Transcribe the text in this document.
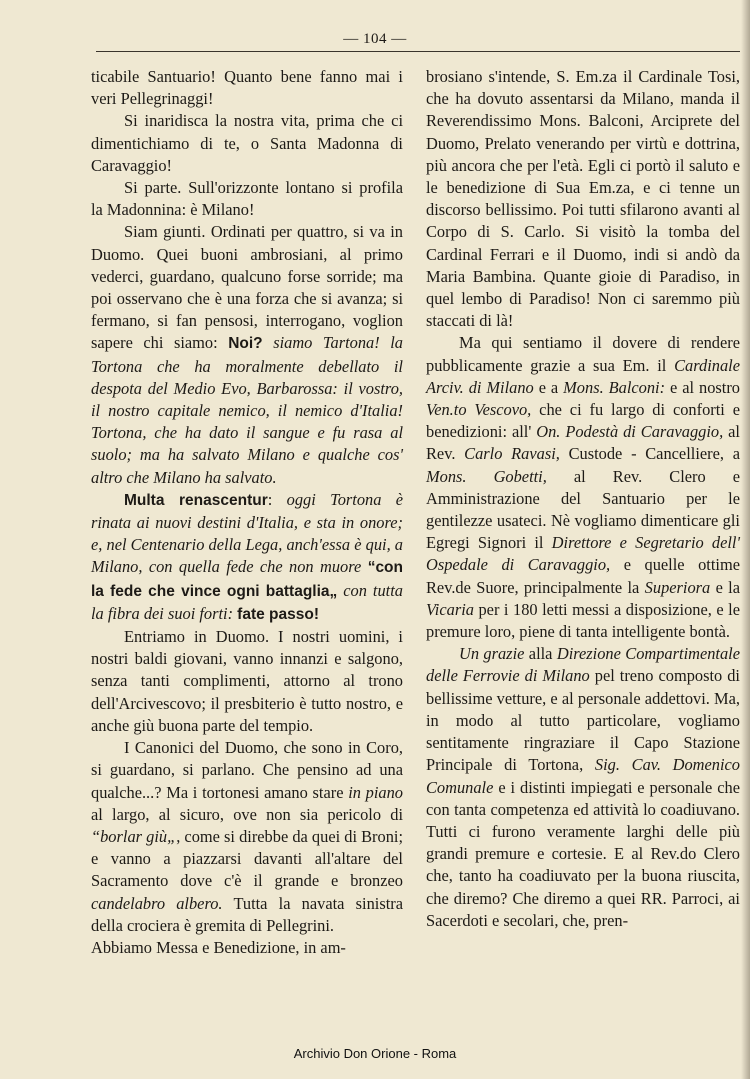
— 104 —

ticabile Santuario! Quanto bene fanno mai i veri Pellegrinaggi!

Si inaridisca la nostra vita, prima che ci dimentichiamo di te, o Santa Madonna di Caravaggio!

Si parte. Sull'orizzonte lontano si profila la Madonnina: è Milano!

Siam giunti. Ordinati per quattro, si va in Duomo. Quei buoni ambrosiani, al primo vederci, guardano, qualcuno forse sorride; ma poi osservano che è una forza che si avanza; si fermano, si fan pensosi, interrogano, voglion sapere chi siamo: Noi? siamo Tartona! la Tortona che ha moralmente debellato il despota del Medio Evo, Barbarossa: il vostro, il nostro capitale nemico, il nemico d'Italia! Tortona, che ha dato il sangue e fu rasa al suolo; ma ha salvato Milano e qualche cos' altro che Milano ha salvato.

Multa renascentur: oggi Tortona è rinata ai nuovi destini d'Italia, e sta in onore; e, nel Centenario della Lega, anch'essa è qui, a Milano, con quella fede che non muore “con la fede che vince ogni battaglia„ con tutta la fibra dei suoi forti: fate passo!

Entriamo in Duomo. I nostri uomini, i nostri baldi giovani, vanno innanzi e salgono, senza tanti complimenti, attorno al trono dell'Arcivescovo; il presbiterio è tutto nostro, e anche giù buona parte del tempio.

I Canonici del Duomo, che sono in Coro, si guardano, si parlano. Che pensino ad una qualche...? Ma i tortonesi amano stare in piano al largo, al sicuro, ove non sia pericolo di “borlar giù„, come si direbbe da quei di Broni; e vanno a piazzarsi davanti all'altare del Sacramento dove c'è il grande e bronzeo candelabro albero. Tutta la navata sinistra della crociera è gremita di Pellegrini.

Abbiamo Messa e Benedizione, in am-

brosiano s'intende, S. Em.za il Cardinale Tosi, che ha dovuto assentarsi da Milano, manda il Reverendissimo Mons. Balconi, Arciprete del Duomo, Prelato venerando per virtù e dottrina, più ancora che per l'età. Egli ci portò il saluto e le benedizione di Sua Em.za, e ci tenne un discorso bellissimo. Poi tutti sfilarono avanti al Corpo di S. Carlo. Si visitò la tomba del Cardinal Ferrari e il Duomo, indi si andò da Maria Bambina. Quante gioie di Paradiso, in quel lembo di Paradiso! Non ci saremmo più staccati di là!

Ma qui sentiamo il dovere di rendere pubblicamente grazie a sua Em. il Cardinale Arciv. di Milano e a Mons. Balconi: e al nostro Ven.to Vescovo, che ci fu largo di conforti e benedizioni: all' On. Podestà di Caravaggio, al Rev. Carlo Ravasi, Custode - Cancelliere, a Mons. Gobetti, al Rev. Clero e Amministrazione del Santuario per le gentilezze usateci. Nè vogliamo dimenticare gli Egregi Signori il Direttore e Segretario dell' Ospedale di Caravaggio, e quelle ottime Rev.de Suore, principalmente la Superiora e la Vicaria per i 180 letti messi a disposizione, e le premure loro, piene di tanta intelligente bontà.

Un grazie alla Direzione Compartimentale delle Ferrovie di Milano pel treno composto di bellissime vetture, e al personale addettovi. Ma, in modo al tutto particolare, vogliamo sentitamente ringraziare il Capo Stazione Principale di Tortona, Sig. Cav. Domenico Comunale e i distinti impiegati e personale che con tanta competenza ed attività lo coadiuvano. Tutti ci furono veramente larghi delle più grandi premure e cortesie. E al Rev.do Clero che, tanto ha coadiuvato per la buona riuscita, che diremo? Che diremo a quei RR. Parroci, ai Sacerdoti e secolari, che, pren-

Archivio Don Orione - Roma
